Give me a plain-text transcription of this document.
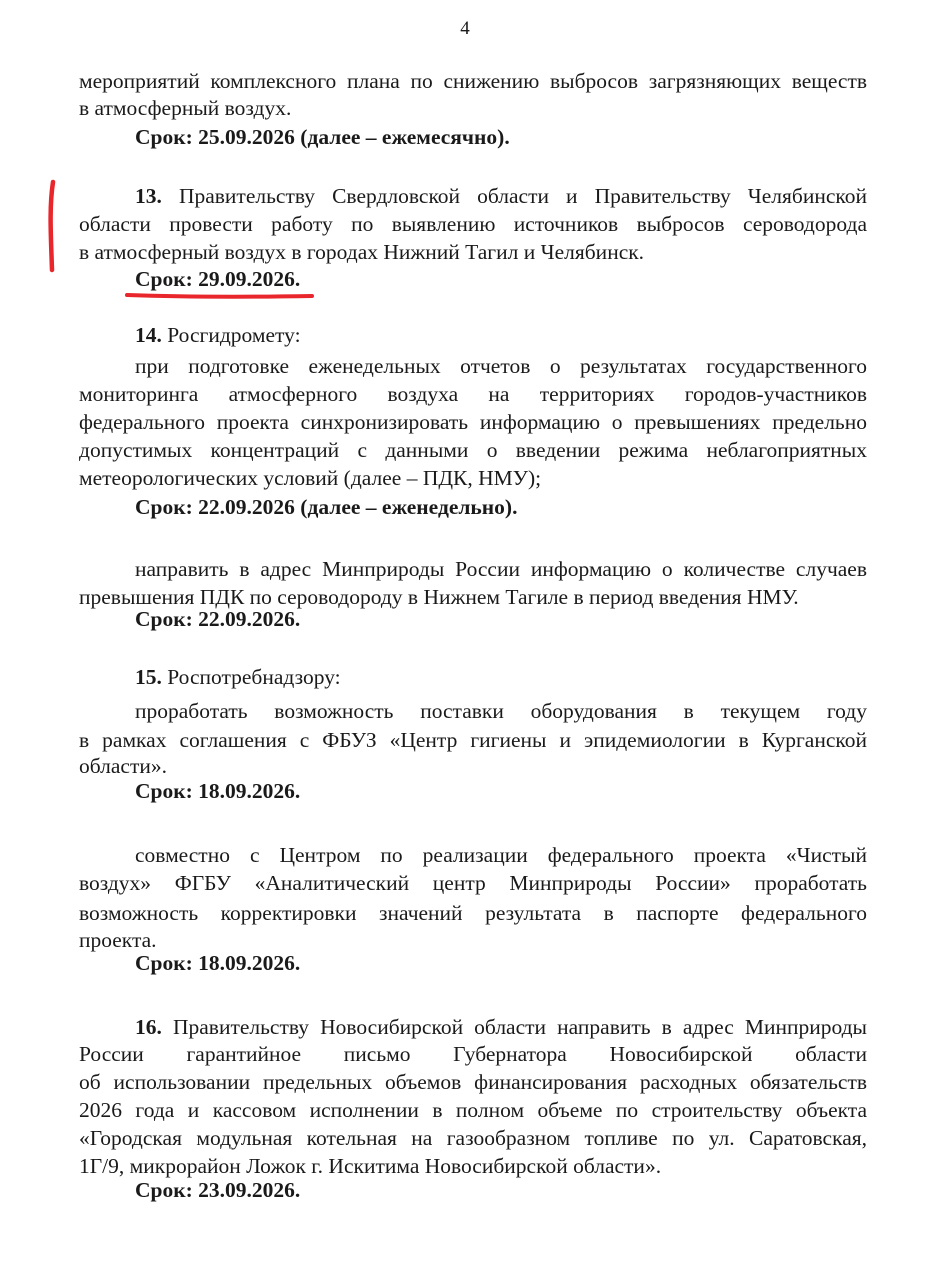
4
мероприятий комплексного плана по снижению выбросов загрязняющих веществ
в атмосферный воздух.
Срок: 25.09.2026 (далее – ежемесячно).
13. Правительству Свердловской области и Правительству Челябинской
области провести работу по выявлению источников выбросов сероводорода
в атмосферный воздух в городах Нижний Тагил и Челябинск.
Срок: 29.09.2026.
14. Росгидромету:
при подготовке еженедельных отчетов о результатах государственного
мониторинга атмосферного воздуха на территориях городов-участников
федерального проекта синхронизировать информацию о превышениях предельно
допустимых концентраций с данными о введении режима неблагоприятных
метеорологических условий (далее – ПДК, НМУ);
Срок: 22.09.2026 (далее – еженедельно).
направить в адрес Минприроды России информацию о количестве случаев
превышения ПДК по сероводороду в Нижнем Тагиле в период введения НМУ.
Срок: 22.09.2026.
15. Роспотребнадзору:
проработать возможность поставки оборудования в текущем году
в рамках соглашения с ФБУЗ «Центр гигиены и эпидемиологии в Курганской
области».
Срок: 18.09.2026.
совместно с Центром по реализации федерального проекта «Чистый
воздух» ФГБУ «Аналитический центр Минприроды России» проработать
возможность корректировки значений результата в паспорте федерального
проекта.
Срок: 18.09.2026.
16. Правительству Новосибирской области направить в адрес Минприроды
России гарантийное письмо Губернатора Новосибирской области
об использовании предельных объемов финансирования расходных обязательств
2026 года и кассовом исполнении в полном объеме по строительству объекта
«Городская модульная котельная на газообразном топливе по ул. Саратовская,
1Г/9, микрорайон Ложок г. Искитима Новосибирской области».
Срок: 23.09.2026.
